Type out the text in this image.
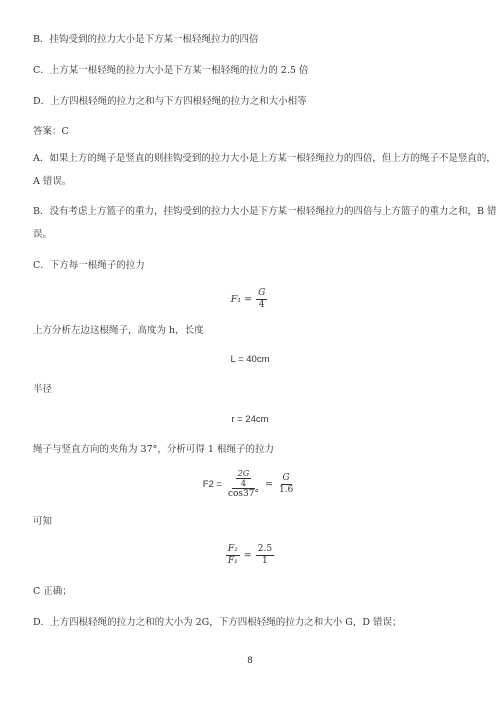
B．挂钩受到的拉力大小是下方某一根轻绳拉力的四倍
C．上方某一根轻绳的拉力大小是下方某一根轻绳的拉力的 2.5 倍
D．上方四根轻绳的拉力之和与下方四根轻绳的拉力之和大小相等
答案：C
A．如果上方的绳子是竖直的则挂钩受到的拉力大小是上方某一根轻绳拉力的四倍，但上方的绳子不是竖直的，
A 错误。
B．没有考虑上方篮子的重力，挂钩受到的拉力大小是下方某一根轻绳拉力的四倍与上方篮子的重力之和，B 错
误。
C．下方每一根绳子的拉力
$F_1 = \frac{G}{4}$
上方分析左边这根绳子，高度为 h，长度
L = 40cm
半径
r = 24cm
绳子与竖直方向的夹角为 37°，分析可得 1 根绳子的拉力
$F2 = \frac{\frac{2G}{4}}{\cos 37^\circ} = \frac{G}{1.6}$
可知
$\frac{\text{F₂}}{\text{F₁}} = \frac{2.5}{1}$
C 正确；
D．上方四根轻绳的拉力之和的大小为 2G，下方四根轻绳的拉力之和大小 G，D 错误；
8
